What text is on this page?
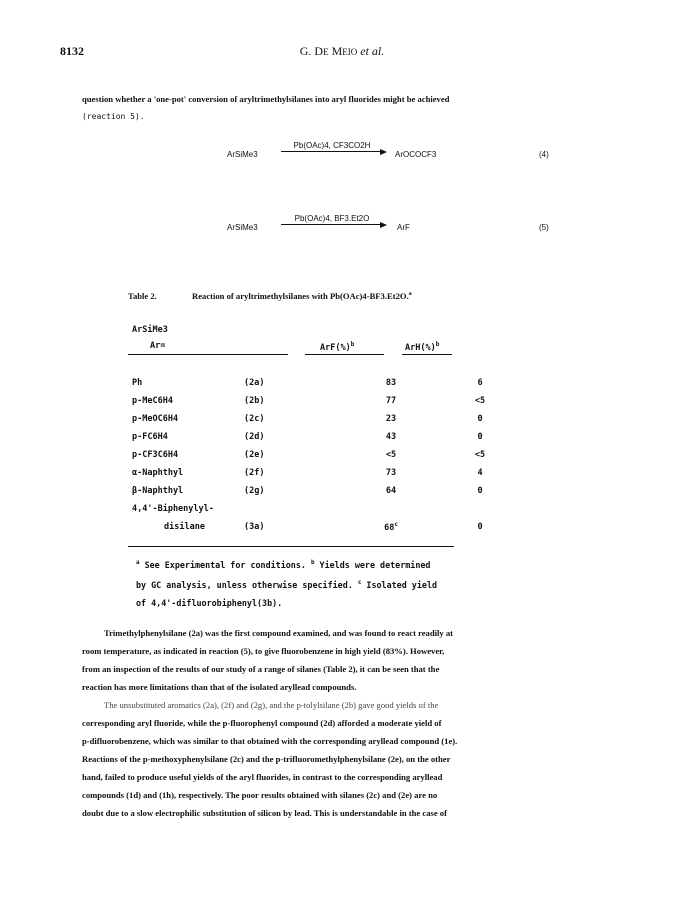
8132	G. DE MEIO et al.

question whether a 'one-pot' conversion of aryltrimethylsilanes into aryl fluorides might be achieved

(reaction 5).

ArSiMe3
Pb(OAc)4, CF3CO2H
ArOCOCF3	(4)
ArSiMe3
Pb(OAc)4, BF3.Et2O
ArF	(5)
Table 2.	Reaction of aryltrimethylsilanes with Pb(OAc)4-BF3.Et2O.$^a$
ArSiMe3
Ar=	ArF(%)$^b$	ArH(%)$^b$
Ph	(2a)	83	6
p-MeC6H4	(2b)	77	<5
p-MeOC6H4	(2c)	23	0
p-FC6H4	(2d)	43	0
p-CF3C6H4	(2e)	<5	<5
α-Naphthyl	(2f)	73	4
β-Naphthyl	(2g)	64	0
4,4'-Biphenylyl-			
disilane	(3a)	68$^c$	0
$^a$ See Experimental for conditions. $^b$ Yields were determined
by GC analysis, unless otherwise specified. $^c$ Isolated yield
of 4,4'-difluorobiphenyl(3b).

Trimethylphenylsilane (2a) was the first compound examined, and was found to react readily at

room temperature, as indicated in reaction (5), to give fluorobenzene in high yield (83%). However,

from an inspection of the results of our study of a range of silanes (Table 2), it can be seen that the

reaction has more limitations than that of the isolated aryllead compounds.

The unsubstituted aromatics (2a), (2f) and (2g), and the p-tolylsilane (2b) gave good yields of the

corresponding aryl fluoride, while the p-fluorophenyl compound (2d) afforded a moderate yield of

p-difluorobenzene, which was similar to that obtained with the corresponding aryllead compound (1e).

Reactions of the p-methoxyphenylsilane (2c) and the p-trifluoromethylphenylsilane (2e), on the other

hand, failed to produce useful yields of the aryl fluorides, in contrast to the corresponding aryllead

compounds (1d) and (1h), respectively. The poor results obtained with silanes (2c) and (2e) are no

doubt due to a slow electrophilic substitution of silicon by lead. This is understandable in the case of
